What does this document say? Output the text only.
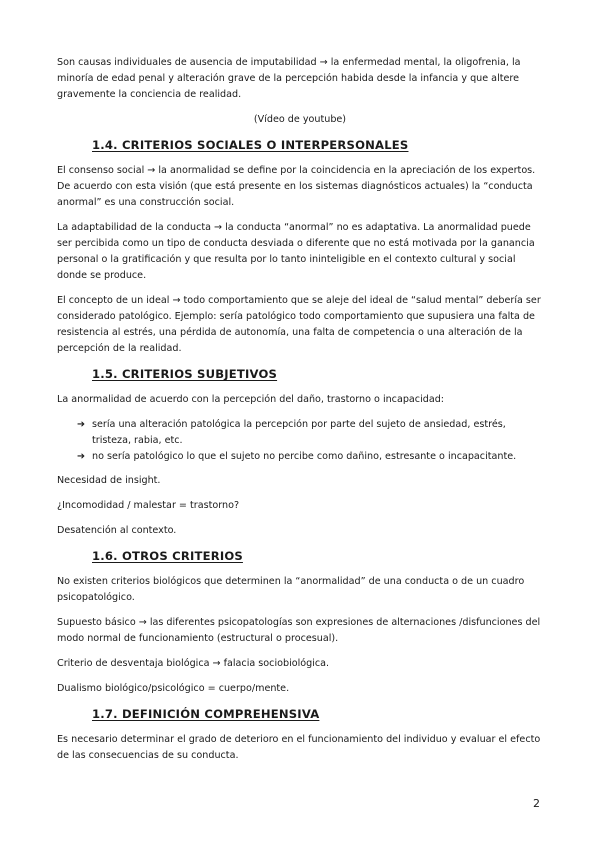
Son causas individuales de ausencia de imputabilidad → la enfermedad mental, la oligofrenia, la minoría de edad penal y alteración grave de la percepción habida desde la infancia y que altere gravemente la conciencia de realidad.

(Vídeo de youtube)

1.4. CRITERIOS SOCIALES O INTERPERSONALES

El consenso social → la anormalidad se define por la coincidencia en la apreciación de los expertos. De acuerdo con esta visión (que está presente en los sistemas diagnósticos actuales) la “conducta anormal” es una construcción social.

La adaptabilidad de la conducta → la conducta “anormal” no es adaptativa. La anormalidad puede ser percibida como un tipo de conducta desviada o diferente que no está motivada por la ganancia personal o la gratificación y que resulta por lo tanto ininteligible en el contexto cultural y social donde se produce.

El concepto de un ideal → todo comportamiento que se aleje del ideal de “salud mental” debería ser considerado patológico. Ejemplo: sería patológico todo comportamiento que supusiera una falta de resistencia al estrés, una pérdida de autonomía, una falta de competencia o una alteración de la percepción de la realidad.

1.5. CRITERIOS SUBJETIVOS

La anormalidad de acuerdo con la percepción del daño, trastorno o incapacidad:

➔ sería una alteración patológica la percepción por parte del sujeto de ansiedad, estrés, tristeza, rabia, etc.
➔ no sería patológico lo que el sujeto no percibe como dañino, estresante o incapacitante.

Necesidad de insight.

¿Incomodidad / malestar = trastorno?

Desatención al contexto.

1.6. OTROS CRITERIOS

No existen criterios biológicos que determinen la “anormalidad” de una conducta o de un cuadro psicopatológico.

Supuesto básico → las diferentes psicopatologías son expresiones de alternaciones /disfunciones del modo normal de funcionamiento (estructural o procesual).

Criterio de desventaja biológica → falacia sociobiológica.

Dualismo biológico/psicológico = cuerpo/mente.

1.7. DEFINICIÓN COMPREHENSIVA

Es necesario determinar el grado de deterioro en el funcionamiento del individuo y evaluar el efecto de las consecuencias de su conducta.

2
